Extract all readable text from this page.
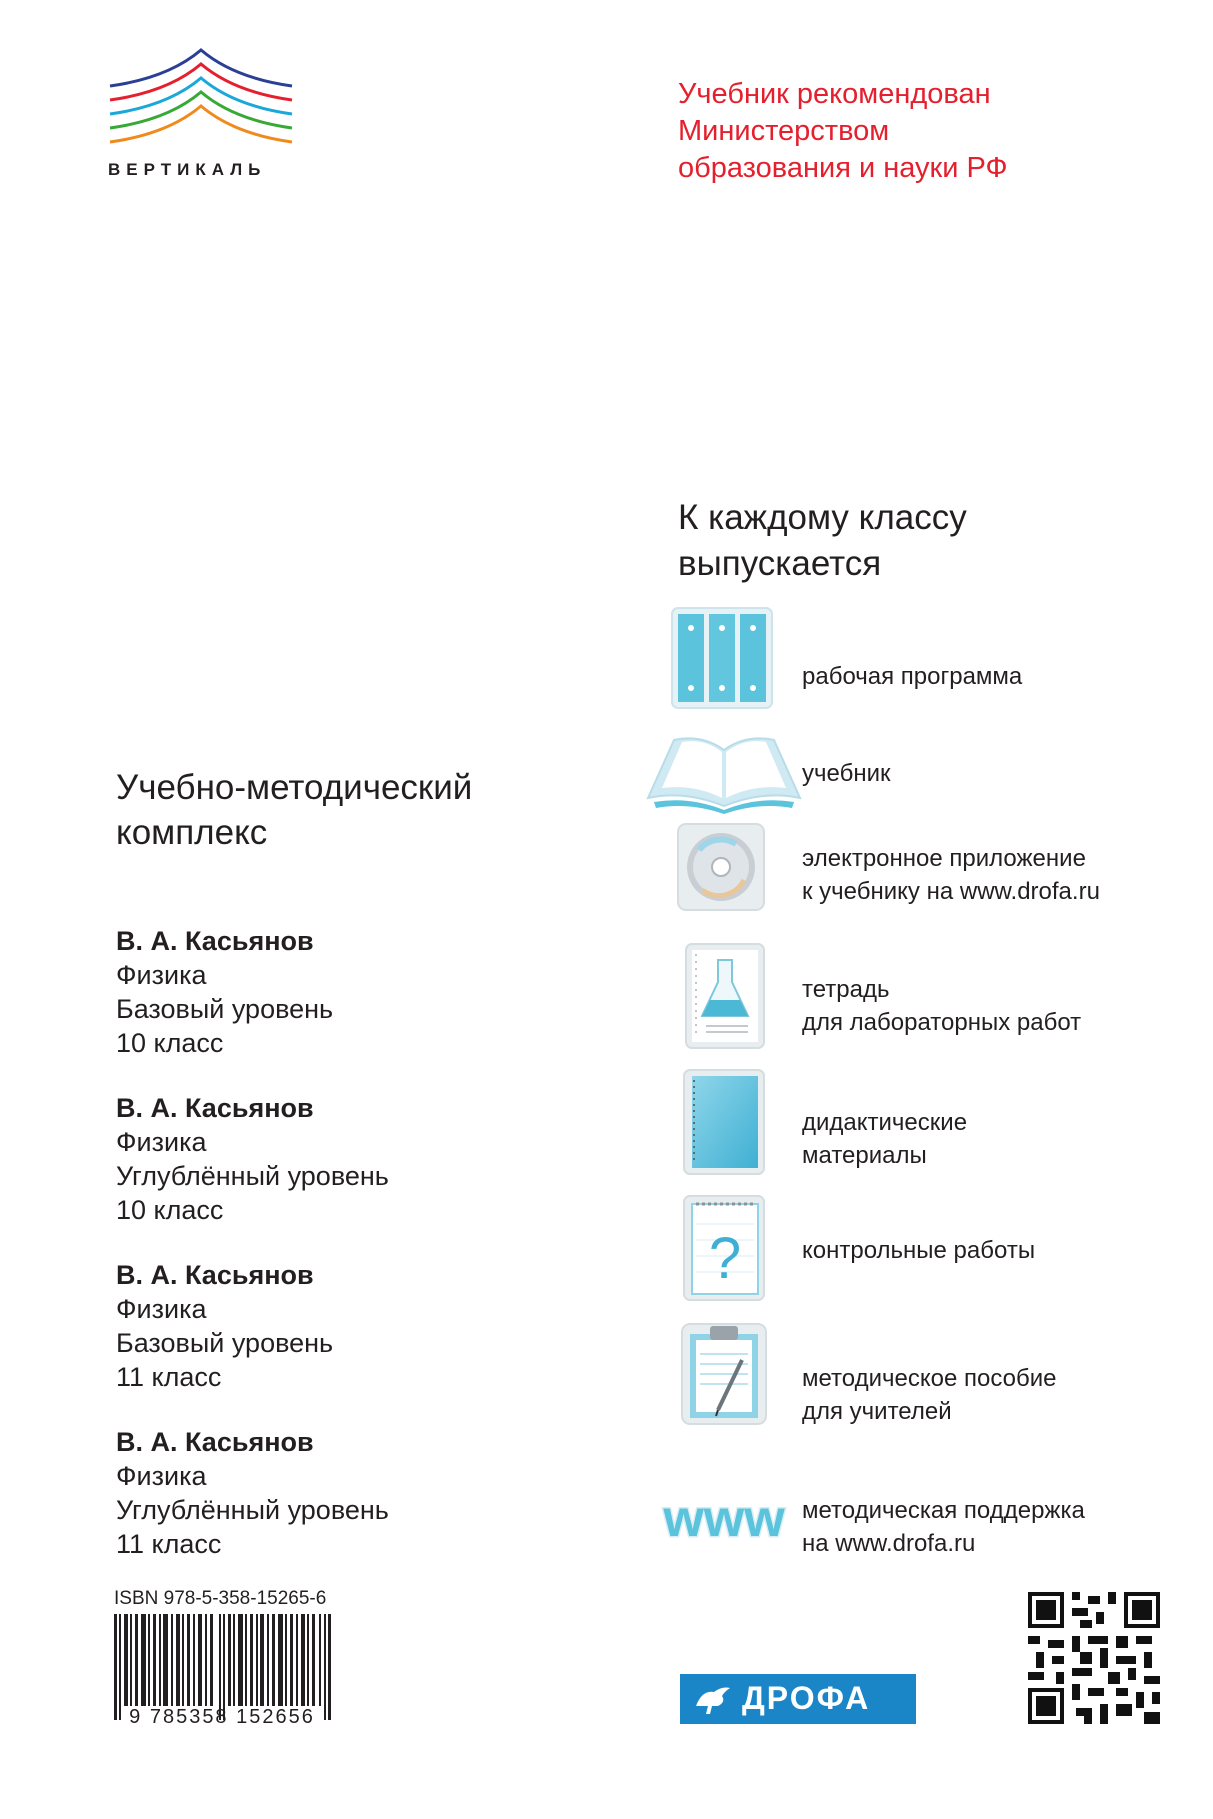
ВЕРТИКАЛЬ
Учебник рекомендован
Министерством
образования и науки РФ
К каждому классу
выпускается
рабочая программа
учебник
электронное приложение
к учебнику на www.drofa.ru
тетрадь
для лабораторных работ
дидактические
материалы
?	контрольные работы
методическое пособие
для учителей
www методическая поддержка
на www.drofa.ru
Учебно-методический
комплекс
В. А. Касьянов
Физика
Базовый уровень
10 класс
В. А. Касьянов
Физика
Углублённый уровень
10 класс
В. А. Касьянов
Физика
Базовый уровень
11 класс
В. А. Касьянов
Физика
Углублённый уровень
11 класс
ISBN 978-5-358-15265-6
9 785358 152656
ДРОФА
